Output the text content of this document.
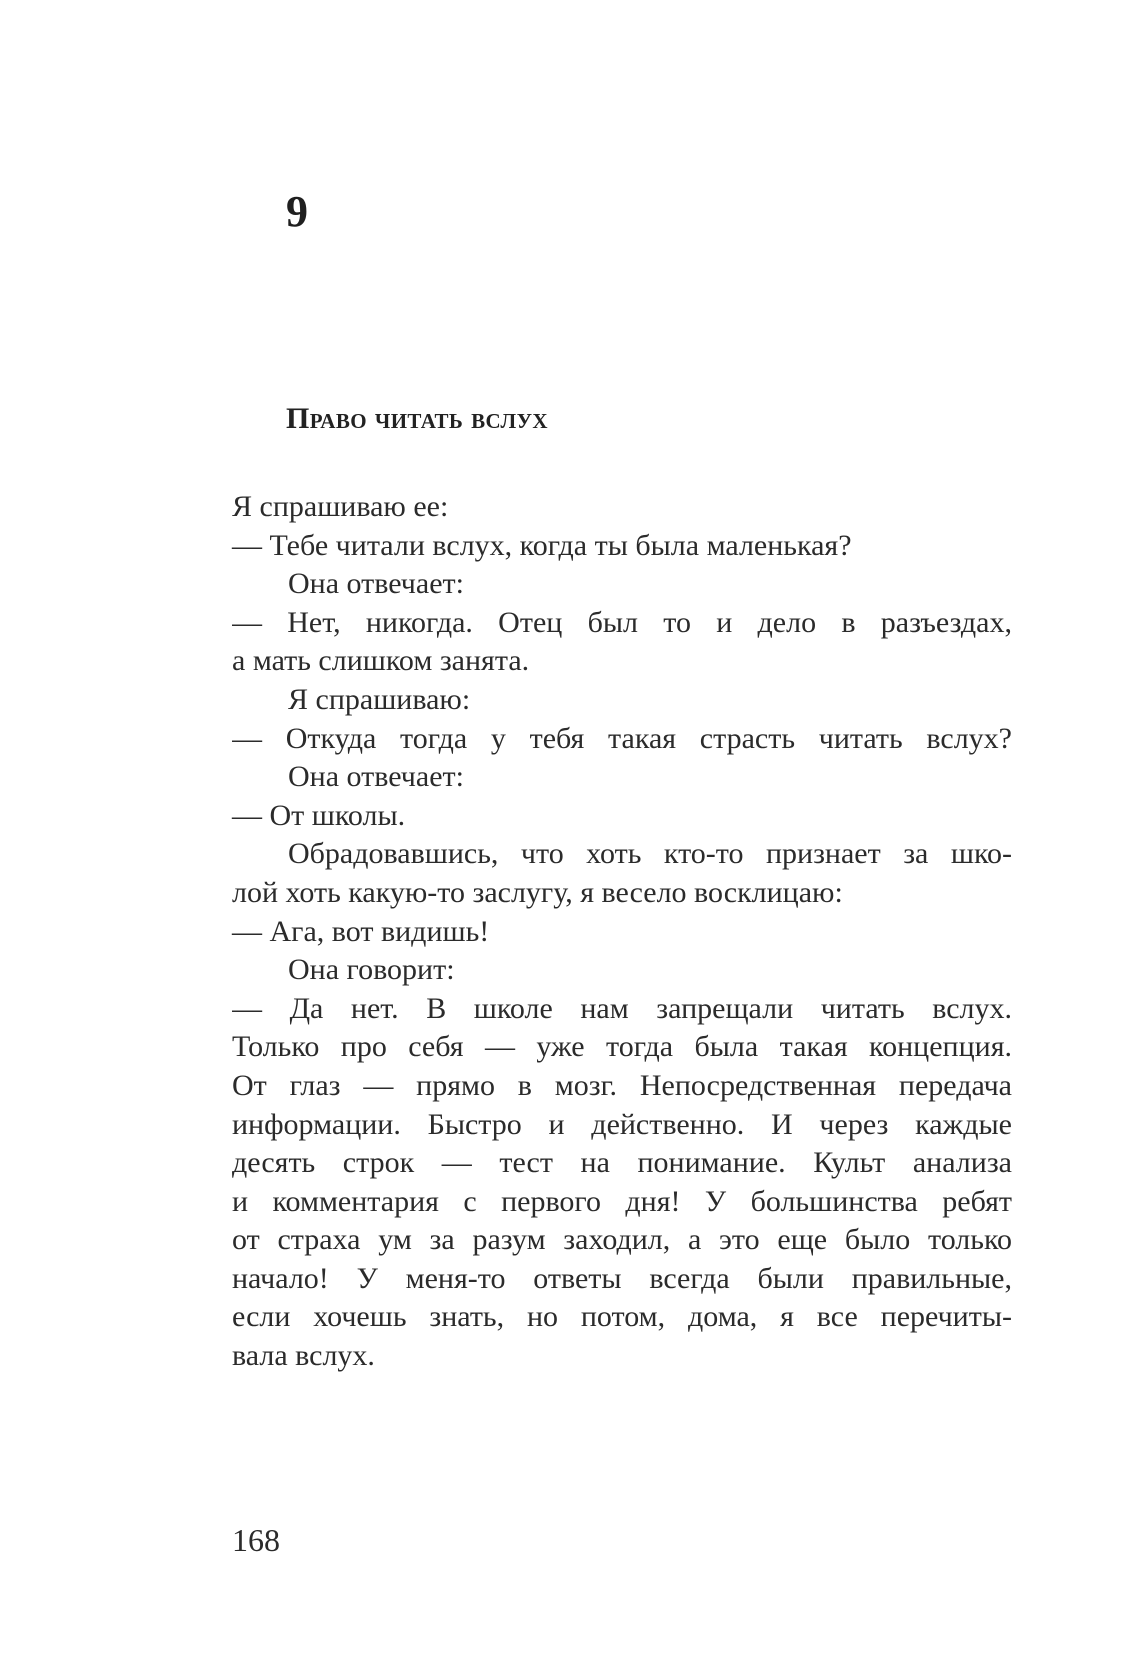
9
Право читать вслух
Я спрашиваю ее:
— Тебе читали вслух, когда ты была маленькая?
Она отвечает:
— Нет, никогда. Отец был то и дело в разъездах,
а мать слишком занята.
Я спрашиваю:
— Откуда тогда у тебя такая страсть читать вслух?
Она отвечает:
— От школы.
Обрадовавшись, что хоть кто-то признает за шко-
лой хоть какую-то заслугу, я весело восклицаю:
— Ага, вот видишь!
Она говорит:
— Да нет. В школе нам запрещали читать вслух.
Только про себя — уже тогда была такая концепция.
От глаз — прямо в мозг. Непосредственная передача
информации. Быстро и действенно. И через каждые
десять строк — тест на понимание. Культ анализа
и комментария с первого дня! У большинства ребят
от страха ум за разум заходил, а это еще было только
начало! У меня-то ответы всегда были правильные,
если хочешь знать, но потом, дома, я все перечиты-
вала вслух.
168
